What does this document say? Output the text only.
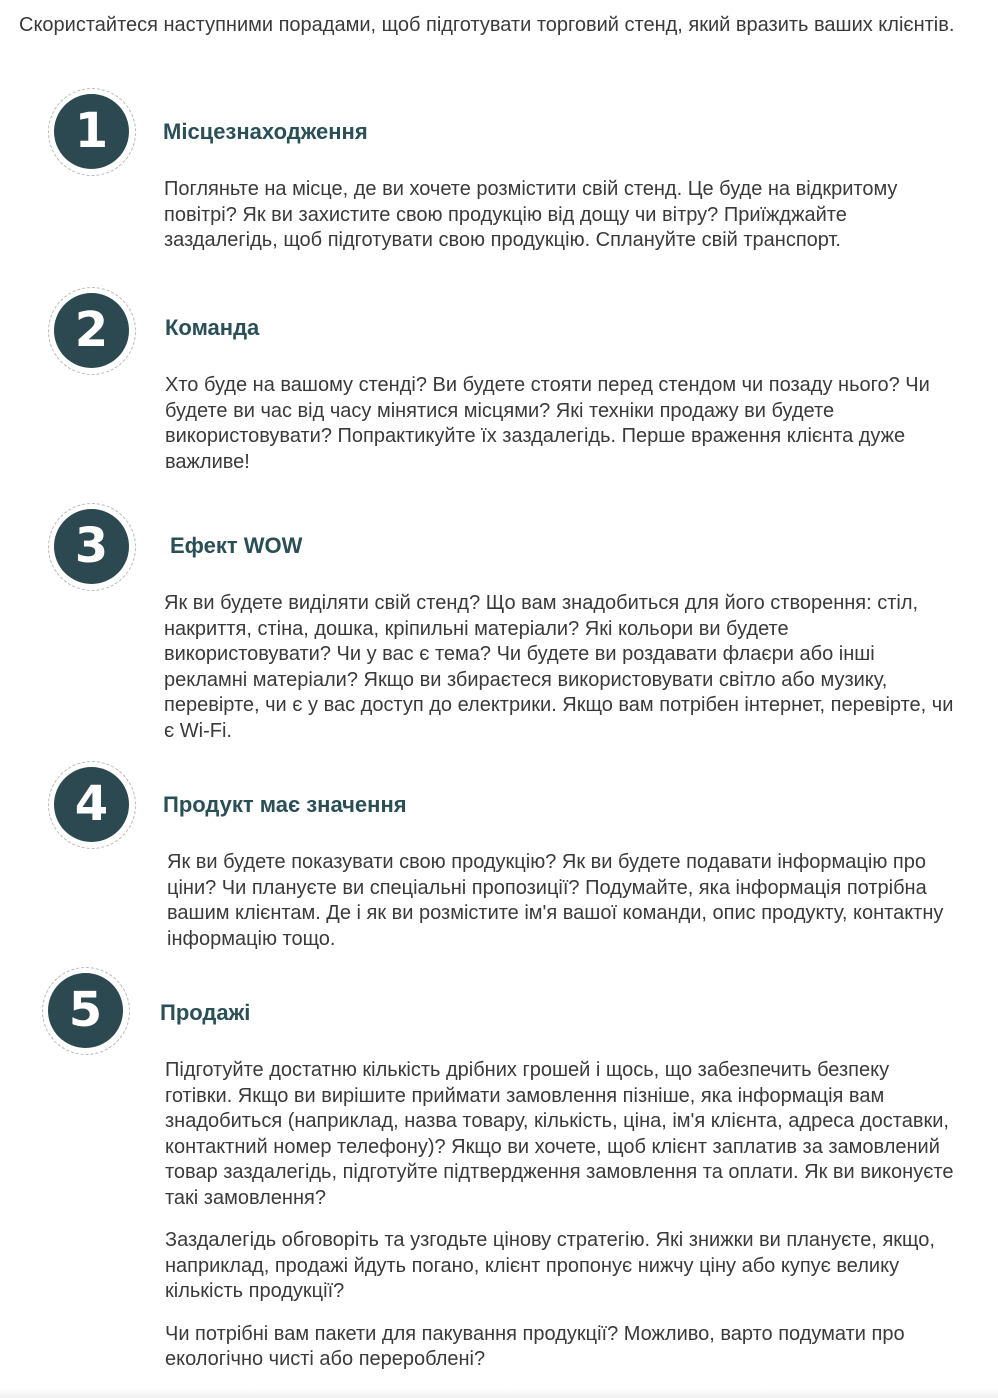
Скористайтеся наступними порадами, щоб підготувати торговий стенд, який вразить ваших клієнтів.

1	Місцезнаходження

Погляньте на місце, де ви хочете розмістити свій стенд. Це буде на відкритому повітрі? Як ви захистите свою продукцію від дощу чи вітру? Приїжджайте заздалегідь, щоб підготувати свою продукцію. Сплануйте свій транспорт.

2	Команда

Хто буде на вашому стенді? Ви будете стояти перед стендом чи позаду нього? Чи будете ви час від часу мінятися місцями? Які техніки продажу ви будете використовувати? Попрактикуйте їх заздалегідь. Перше враження клієнта дуже важливе!

3	Ефект WOW

Як ви будете виділяти свій стенд? Що вам знадобиться для його створення: стіл, накриття, стіна, дошка, кріпильні матеріали? Які кольори ви будете використовувати? Чи у вас є тема? Чи будете ви роздавати флаєри або інші рекламні матеріали? Якщо ви збираєтеся використовувати світло або музику, перевірте, чи є у вас доступ до електрики. Якщо вам потрібен інтернет, перевірте, чи є Wi-Fi.

4	Продукт має значення

Як ви будете показувати свою продукцію? Як ви будете подавати інформацію про ціни? Чи плануєте ви спеціальні пропозиції? Подумайте, яка інформація потрібна вашим клієнтам. Де і як ви розмістите ім'я вашої команди, опис продукту, контактну інформацію тощо.

5	Продажі

Підготуйте достатню кількість дрібних грошей і щось, що забезпечить безпеку готівки. Якщо ви вирішите приймати замовлення пізніше, яка інформація вам знадобиться (наприклад, назва товару, кількість, ціна, ім'я клієнта, адреса доставки, контактний номер телефону)? Якщо ви хочете, щоб клієнт заплатив за замовлений товар заздалегідь, підготуйте підтвердження замовлення та оплати. Як ви виконуєте такі замовлення?

Заздалегідь обговоріть та узгодьте цінову стратегію. Які знижки ви плануєте, якщо, наприклад, продажі йдуть погано, клієнт пропонує нижчу ціну або купує велику кількість продукції?

Чи потрібні вам пакети для пакування продукції? Можливо, варто подумати про екологічно чисті або перероблені?
